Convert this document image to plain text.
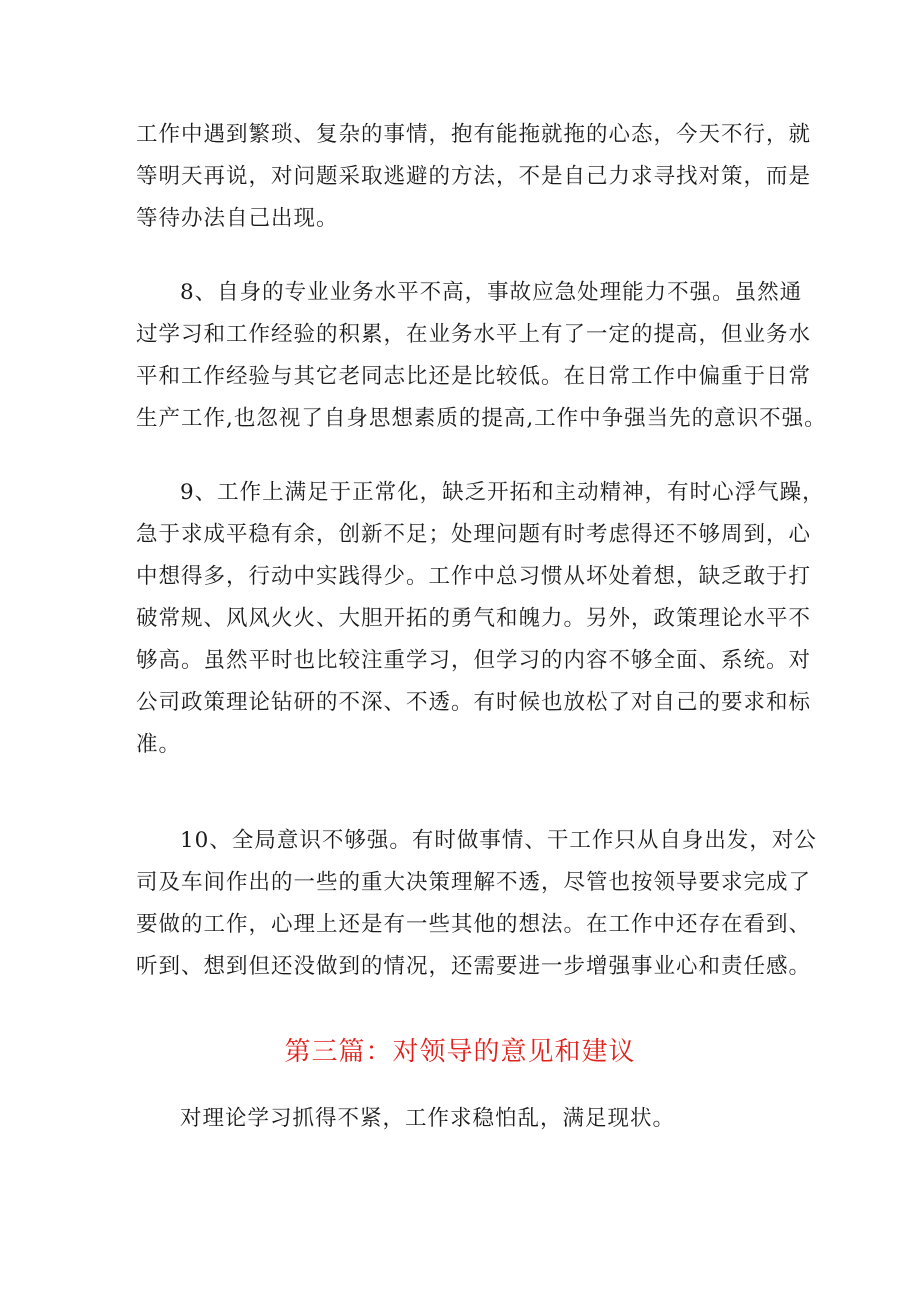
工作中遇到繁琐、复杂的事情，抱有能拖就拖的心态，今天不行，就
等明天再说，对问题采取逃避的方法，不是自己力求寻找对策，而是
等待办法自己出现。
8、自身的专业业务水平不高，事故应急处理能力不强。虽然通
过学习和工作经验的积累，在业务水平上有了一定的提高，但业务水
平和工作经验与其它老同志比还是比较低。在日常工作中偏重于日常
生产工作,也忽视了自身思想素质的提高,工作中争强当先的意识不强。
9、工作上满足于正常化，缺乏开拓和主动精神，有时心浮气躁，
急于求成平稳有余，创新不足；处理问题有时考虑得还不够周到，心
中想得多，行动中实践得少。工作中总习惯从坏处着想，缺乏敢于打
破常规、风风火火、大胆开拓的勇气和魄力。另外，政策理论水平不
够高。虽然平时也比较注重学习，但学习的内容不够全面、系统。对
公司政策理论钻研的不深、不透。有时候也放松了对自己的要求和标
准。
10、全局意识不够强。有时做事情、干工作只从自身出发，对公
司及车间作出的一些的重大决策理解不透，尽管也按领导要求完成了
要做的工作，心理上还是有一些其他的想法。在工作中还存在看到、
听到、想到但还没做到的情况，还需要进一步增强事业心和责任感。
第三篇：对领导的意见和建议
对理论学习抓得不紧，工作求稳怕乱，满足现状。
